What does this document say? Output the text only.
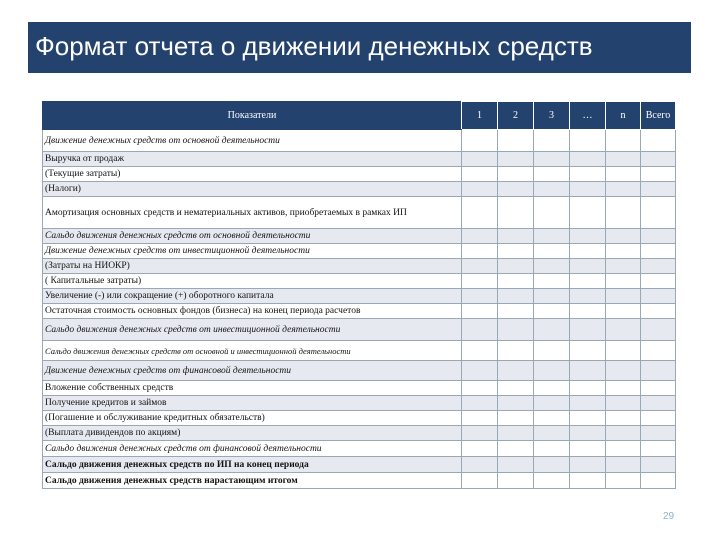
Формат отчета о движении денежных средств
Показатели	1	2	3	…	n	Всего
Движение денежных средств от основной деятельности						
Выручка от продаж						
(Текущие затраты)						
(Налоги)						
Амортизация основных средств и нематериальных активов, приобретаемых в рамках ИП						
Сальдо движения денежных средств от основной деятельности						
Движение денежных средств от инвестиционной деятельности						
(Затраты на НИОКР)						
( Капитальные затраты)						
Увеличение (-) или сокращение (+) оборотного капитала						
Остаточная стоимость основных фондов (бизнеса) на конец периода расчетов						
Сальдо движения денежных средств от инвестиционной деятельности						
Сальдо движения денежных средств от основной и инвестиционной деятельности						
Движение денежных средств от финансовой деятельности						
Вложение собственных средств						
Получение кредитов и займов						
(Погашение и обслуживание кредитных обязательств)						
(Выплата дивидендов по акциям)						
Сальдо движения денежных средств от финансовой деятельности						
Сальдо движения денежных средств по ИП на конец периода						
Сальдо движения денежных средств нарастающим итогом						
29
